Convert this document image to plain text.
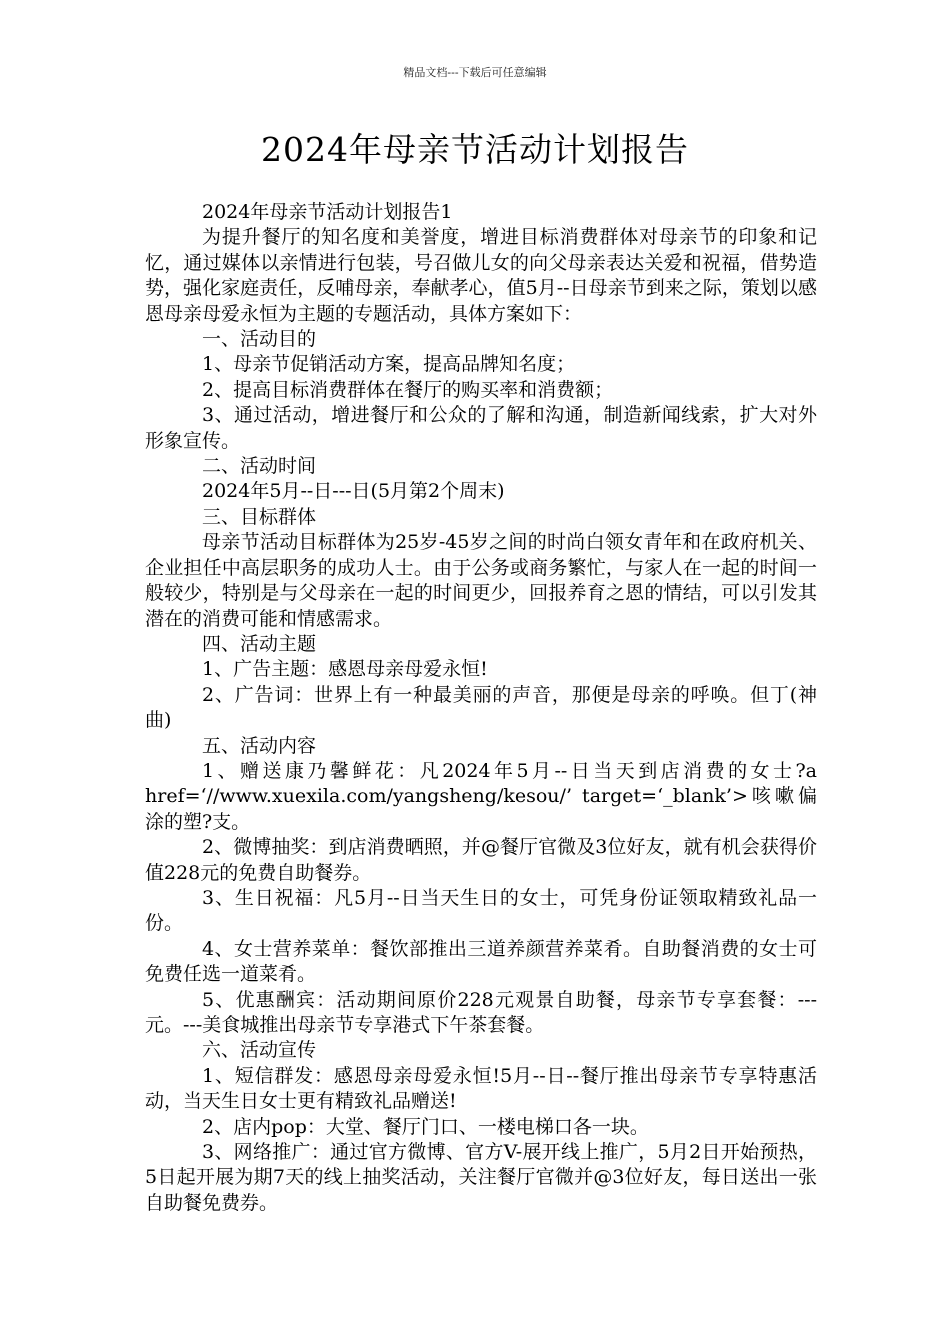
精品文档---下载后可任意编辑
2024年母亲节活动计划报告

2024年母亲节活动计划报告1

为提升餐厅的知名度和美誉度，增进目标消费群体对母亲节的印象和记忆，通过媒体以亲情进行包装，号召做儿女的向父母亲表达关爱和祝福，借势造势，强化家庭责任，反哺母亲，奉献孝心，值5月--日母亲节到来之际，策划以感恩母亲母爱永恒为主题的专题活动，具体方案如下：

一、活动目的

1、母亲节促销活动方案，提高品牌知名度；

2、提高目标消费群体在餐厅的购买率和消费额；

3、通过活动，增进餐厅和公众的了解和沟通，制造新闻线索，扩大对外形象宣传。

二、活动时间

2024年5月--日---日(5月第2个周末)

三、目标群体

母亲节活动目标群体为25岁-45岁之间的时尚白领女青年和在政府机关、企业担任中高层职务的成功人士。由于公务或商务繁忙，与家人在一起的时间一般较少，特别是与父母亲在一起的时间更少，回报养育之恩的情结，可以引发其潜在的消费可能和情感需求。

四、活动主题

1、广告主题：感恩母亲母爱永恒!

2、广告词：世界上有一种最美丽的声音，那便是母亲的呼唤。但丁(神曲)

五、活动内容

1、赠送康乃馨鲜花：凡2024年5月--日当天到店消费的女士?a　　　　　　　href=‘//www.xuexila.com/yangsheng/kesou/’ target=‘_blank’>咳嗽偏涂的塑?支。

2、微博抽奖：到店消费晒照，并@餐厅官微及3位好友，就有机会获得价值228元的免费自助餐券。

3、生日祝福：凡5月--日当天生日的女士，可凭身份证领取精致礼品一份。

4、女士营养菜单：餐饮部推出三道养颜营养菜肴。自助餐消费的女士可免费任选一道菜肴。

5、优惠酬宾：活动期间原价228元观景自助餐，母亲节专享套餐：---元。---美食城推出母亲节专享港式下午茶套餐。

六、活动宣传

1、短信群发：感恩母亲母爱永恒!5月--日--餐厅推出母亲节专享特惠活动，当天生日女士更有精致礼品赠送!

2、店内pop：大堂、餐厅门口、一楼电梯口各一块。

3、网络推广：通过官方微博、官方V-展开线上推广，5月2日开始预热，5日起开展为期7天的线上抽奖活动，关注餐厅官微并@3位好友，每日送出一张自助餐免费券。
